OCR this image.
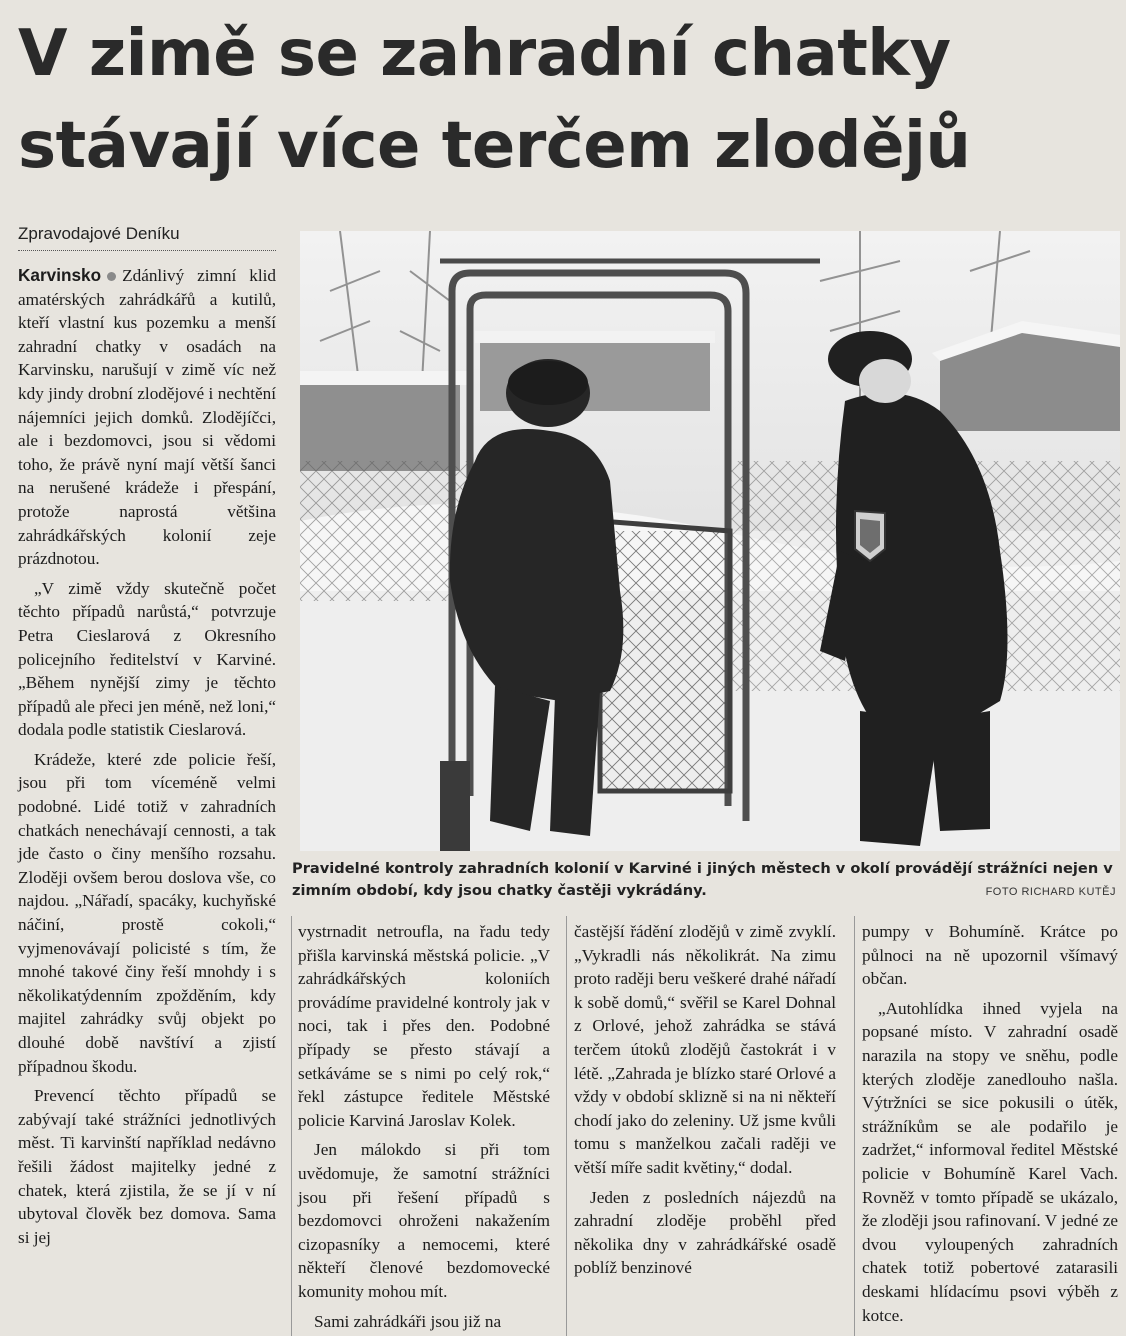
V zimě se zahradní chatky
stávají více terčem zlodějů
Zpravodajové Deníku

Karvinsko Zdánlivý zimní klid amatérských zahrádkářů a kutilů, kteří vlastní kus pozemku a menší zahradní chatky v osadách na Karvinsku, narušují v zimě víc než kdy jindy drobní zlodějové i nechtění nájemníci jejich domků. Zlodějíčci, ale i bezdomovci, jsou si vědomi toho, že právě nyní mají větší šanci na nerušené krádeže i přespání, protože naprostá většina zahrádkářských kolonií zeje prázdnotou.

„V zimě vždy skutečně počet těchto případů narůstá,“ potvrzuje Petra Cieslarová z Okresního policejního ředitelství v Karviné. „Během nynější zimy je těchto případů ale přeci jen méně, než loni,“ dodala podle statistik Cieslarová.

Krádeže, které zde policie řeší, jsou při tom víceméně velmi podobné. Lidé totiž v zahradních chatkách nenechávají cennosti, a tak jde často o činy menšího rozsahu. Zloději ovšem berou doslova vše, co najdou. „Nářadí, spacáky, kuchyňské náčiní, prostě cokoli,“ vyjmenovávají policisté s tím, že mnohé takové činy řeší mnohdy i s několikatýdenním zpožděním, kdy majitel zahrádky svůj objekt po dlouhé době navštíví a zjistí případnou škodu.

Prevencí těchto případů se zabývají také strážníci jednotlivých měst. Ti karvinští například nedávno řešili žádost majitelky jedné z chatek, která zjistila, že se jí v ní ubytoval člověk bez domova. Sama si jej

Pravidelné kontroly zahradních kolonií v Karviné i jiných městech v okolí provádějí strážníci nejen v zimním období, kdy jsou chatky častěji vykrádány.	FOTO RICHARD KUTĚJ

vystrnadit netroufla, na řadu tedy přišla karvinská městská policie. „V zahrádkářských koloniích provádíme pravidelné kontroly jak v noci, tak i přes den. Podobné případy se přesto stávají a setkáváme se s nimi po celý rok,“ řekl zástupce ředitele Městské policie Karviná Jaroslav Kolek.

Jen málokdo si při tom uvědomuje, že samotní strážníci jsou při řešení případů s bezdomovci ohroženi nakažením cizopasníky a nemocemi, které někteří členové bezdomovecké komunity mohou mít.

Sami zahrádkáři jsou již na

častější řádění zlodějů v zimě zvyklí. „Vykradli nás několikrát. Na zimu proto raději beru veškeré drahé nářadí k sobě domů,“ svěřil se Karel Dohnal z Orlové, jehož zahrádka se stává terčem útoků zlodějů častokrát i v létě. „Zahrada je blízko staré Orlové a vždy v období sklizně si na ni někteří chodí jako do zeleniny. Už jsme kvůli tomu s manželkou začali raději ve větší míře sadit květiny,“ dodal.

Jeden z posledních nájezdů na zahradní zloděje proběhl před několika dny v zahrádkářské osadě poblíž benzinové

pumpy v Bohumíně. Krátce po půlnoci na ně upozornil všímavý občan.

„Autohlídka ihned vyjela na popsané místo. V zahradní osadě narazila na stopy ve sněhu, podle kterých zloděje zanedlouho našla. Výtržníci se sice pokusili o útěk, strážníkům se ale podařilo je zadržet,“ informoval ředitel Městské policie v Bohumíně Karel Vach. Rovněž v tomto případě se ukázalo, že zloději jsou rafinovaní. V jedné ze dvou vyloupených zahradních chatek totiž pobertové zatarasili deskami hlídacímu psovi výběh z kotce.
